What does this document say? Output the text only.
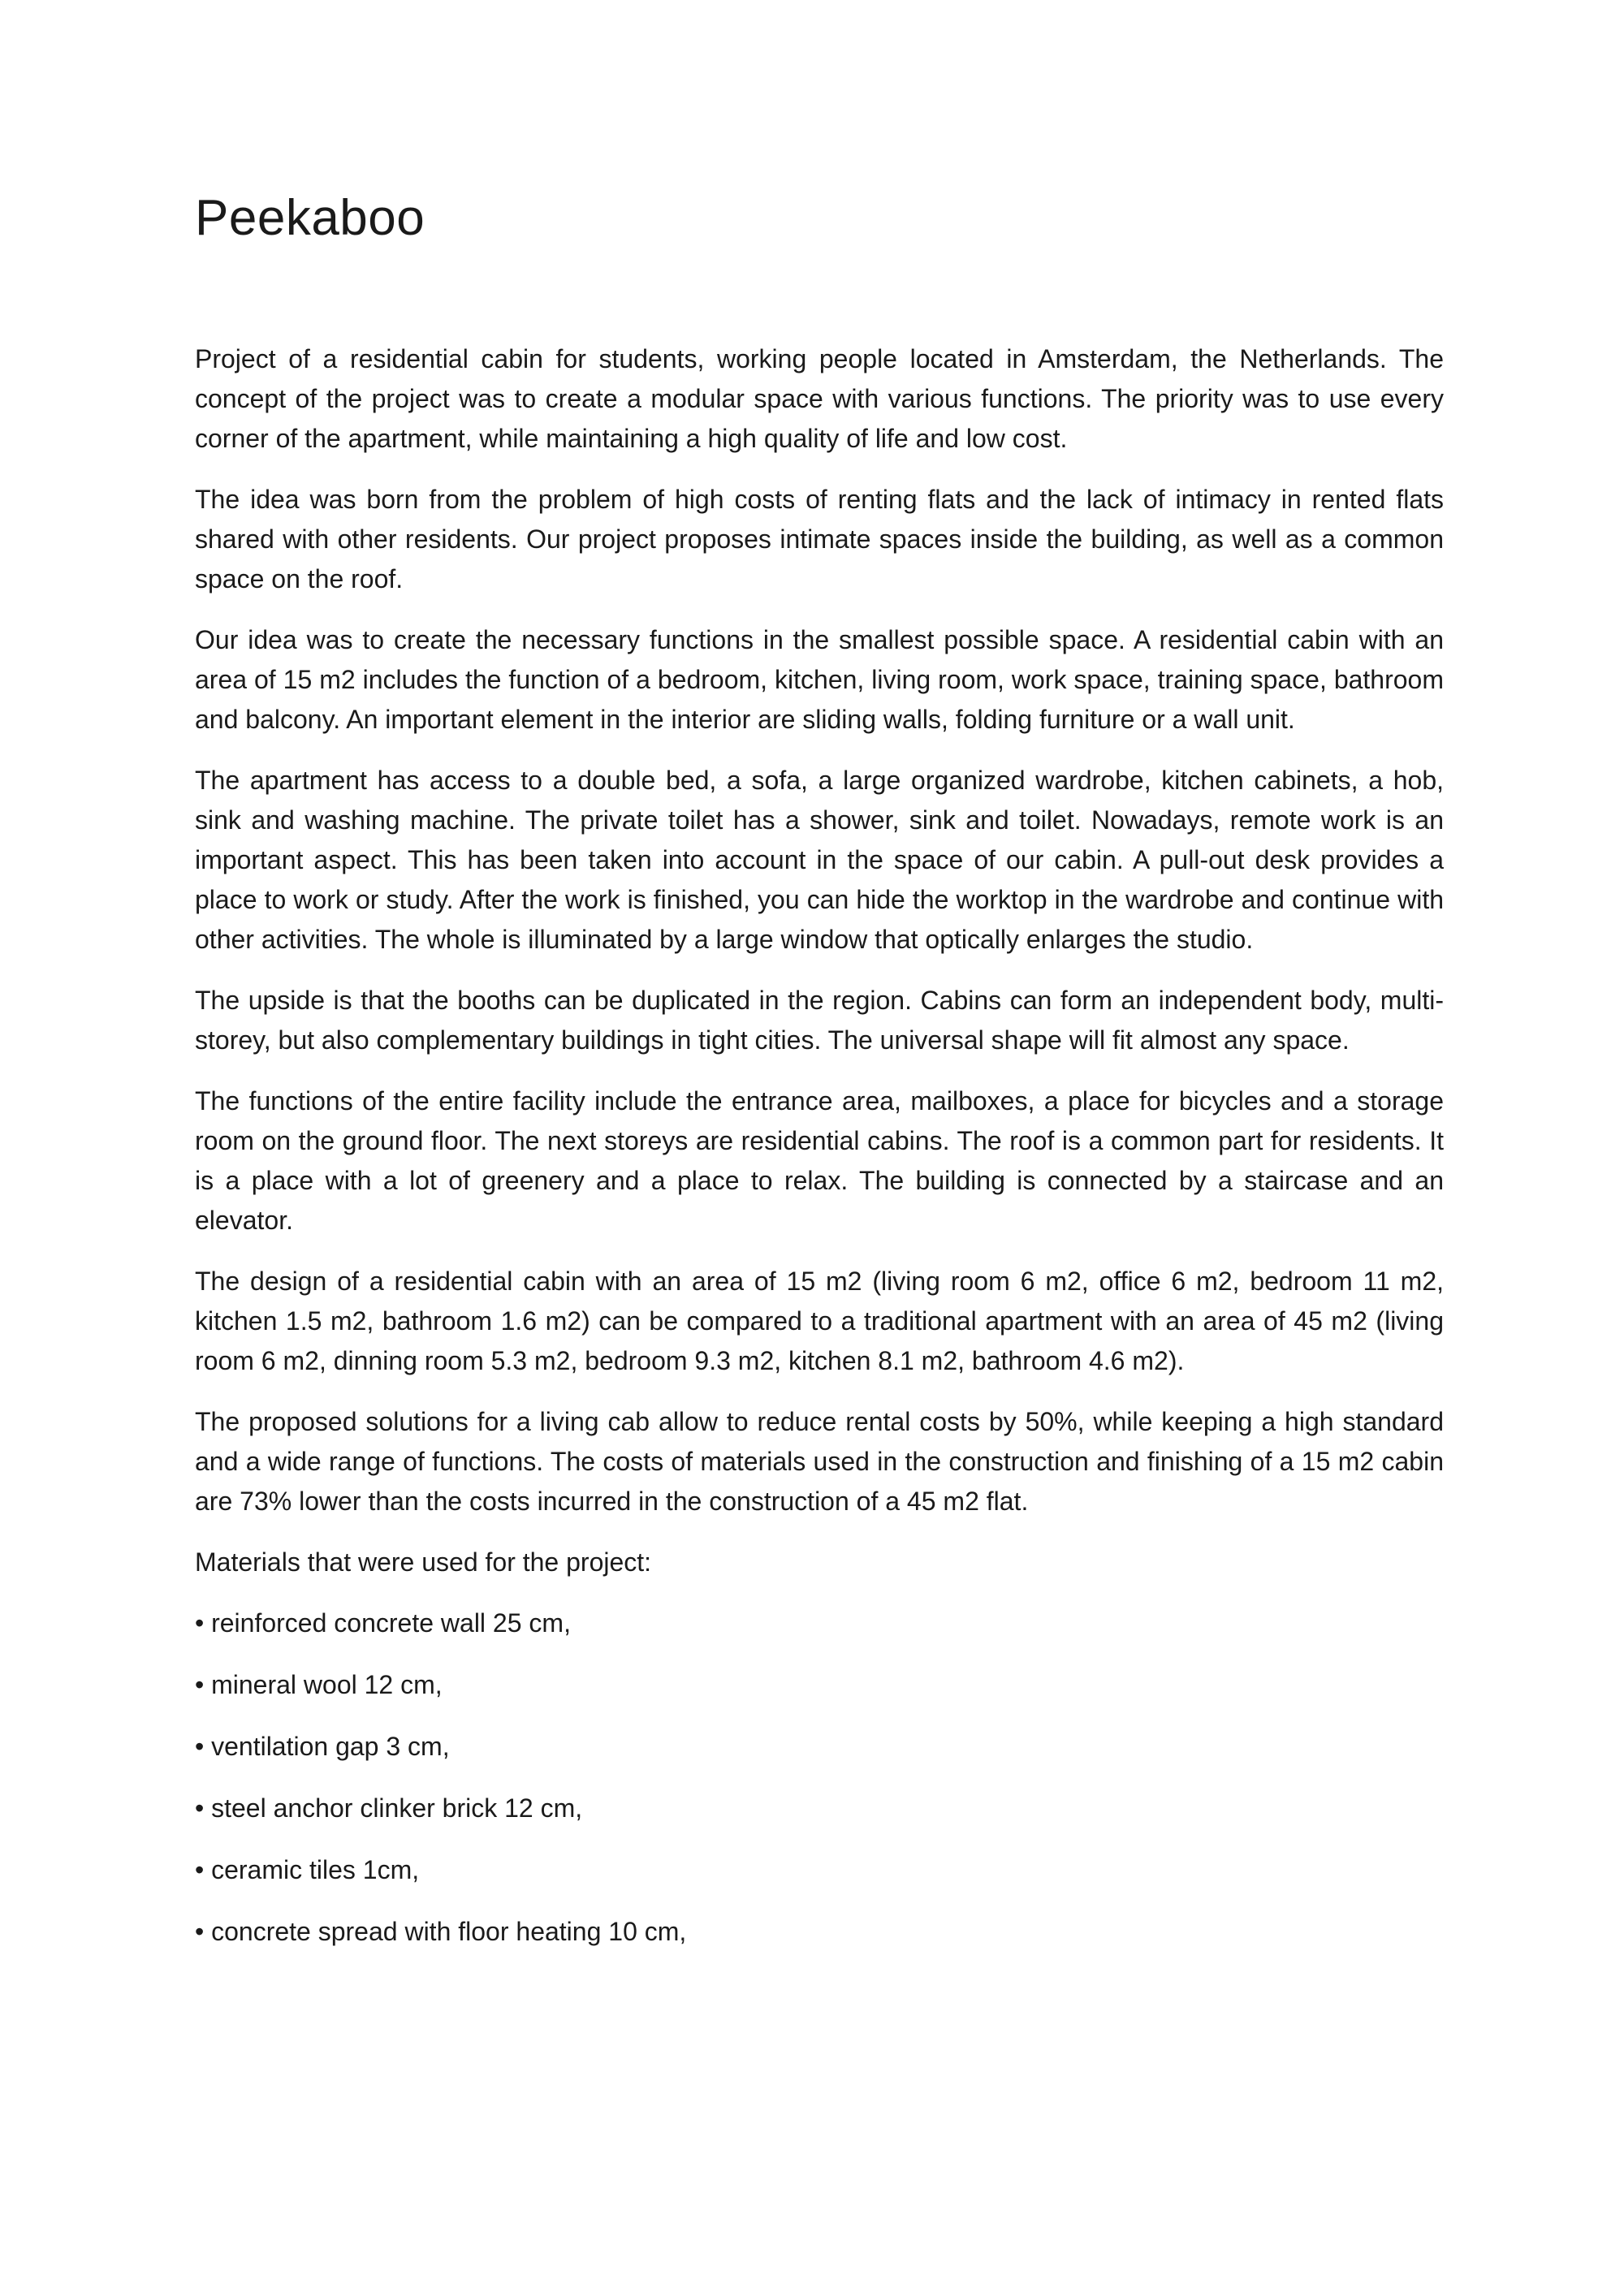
Peekaboo

Project of a residential cabin for students, working people located in Amsterdam, the Netherlands. The concept of the project was to create a modular space with various functions. The priority was to use every corner of the apartment, while maintaining a high quality of life and low cost.

The idea was born from the problem of high costs of renting flats and the lack of intimacy in rented flats shared with other residents. Our project proposes intimate spaces inside the building, as well as a common space on the roof.

Our idea was to create the necessary functions in the smallest possible space. A residential cabin with an area of 15 m2 includes the function of a bedroom, kitchen, living room, work space, training space, bathroom and balcony. An important element in the interior are sliding walls, folding furniture or a wall unit.

The apartment has access to a double bed, a sofa, a large organized wardrobe, kitchen cabinets, a hob, sink and washing machine. The private toilet has a shower, sink and toilet. Nowadays, remote work is an important aspect. This has been taken into account in the space of our cabin. A pull-out desk provides a place to work or study. After the work is finished, you can hide the worktop in the wardrobe and continue with other activities. The whole is illuminated by a large window that optically enlarges the studio.

The upside is that the booths can be duplicated in the region. Cabins can form an independent body, multi-storey, but also complementary buildings in tight cities. The universal shape will fit almost any space.

The functions of the entire facility include the entrance area, mailboxes, a place for bicycles and a storage room on the ground floor. The next storeys are residential cabins. The roof is a common part for residents. It is a place with a lot of greenery and a place to relax. The building is connected by a staircase and an elevator.

The design of a residential cabin with an area of 15 m2 (living room 6 m2, office 6 m2, bedroom 11 m2, kitchen 1.5 m2, bathroom 1.6 m2) can be compared to a traditional apartment with an area of 45 m2 (living room 6 m2, dinning room 5.3 m2, bedroom 9.3 m2, kitchen 8.1 m2, bathroom 4.6 m2).

The proposed solutions for a living cab allow to reduce rental costs by 50%, while keeping a high standard and a wide range of functions. The costs of materials used in the construction and finishing of a 15 m2 cabin are 73% lower than the costs incurred in the construction of a 45 m2 flat.

Materials that were used for the project:

• reinforced concrete wall 25 cm,
• mineral wool 12 cm,
• ventilation gap 3 cm,
• steel anchor clinker brick 12 cm,
• ceramic tiles 1cm,
• concrete spread with floor heating 10 cm,
